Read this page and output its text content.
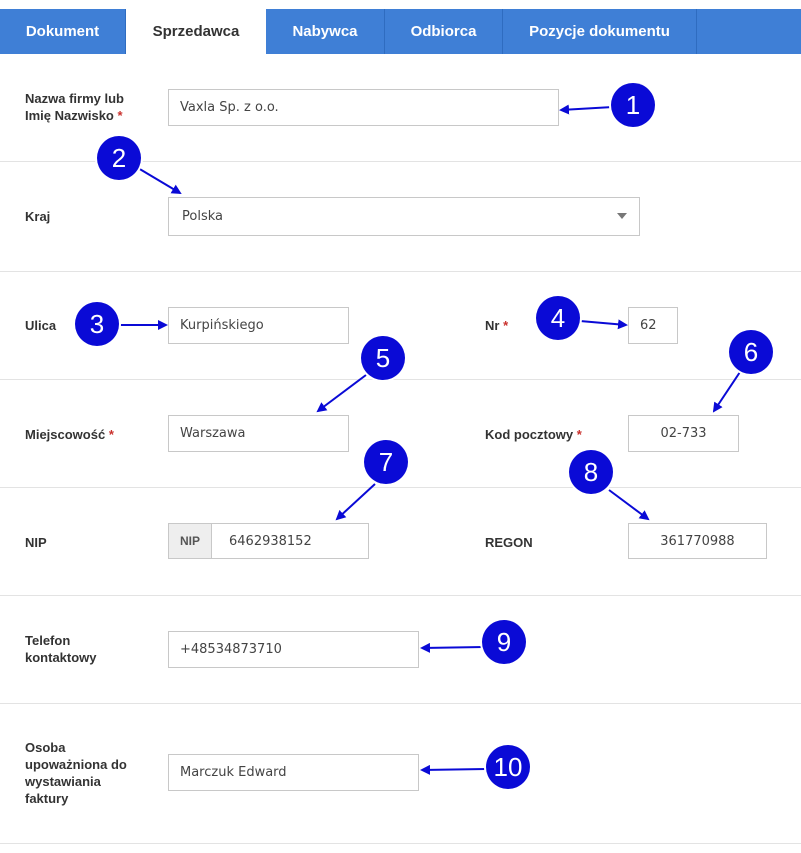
Dokument	Sprzedawca	Nabywca	Odbiorca	Pozycje dokumentu
Nazwa firmy lub
Imię Nazwisko *
Vaxla Sp. z o.o.
Kraj	Polska
Ulica	Kurpińskiego	Nr *	62
Miejscowość *	Warszawa	Kod pocztowy *	02-733
NIP	NIP	6462938152	REGON	361770988
Telefon
kontaktowy
+48534873710
Osoba
upoważniona do
wystawiania
faktury
Marczuk Edward
1
2
3	4
5	6
7	8
9
10
